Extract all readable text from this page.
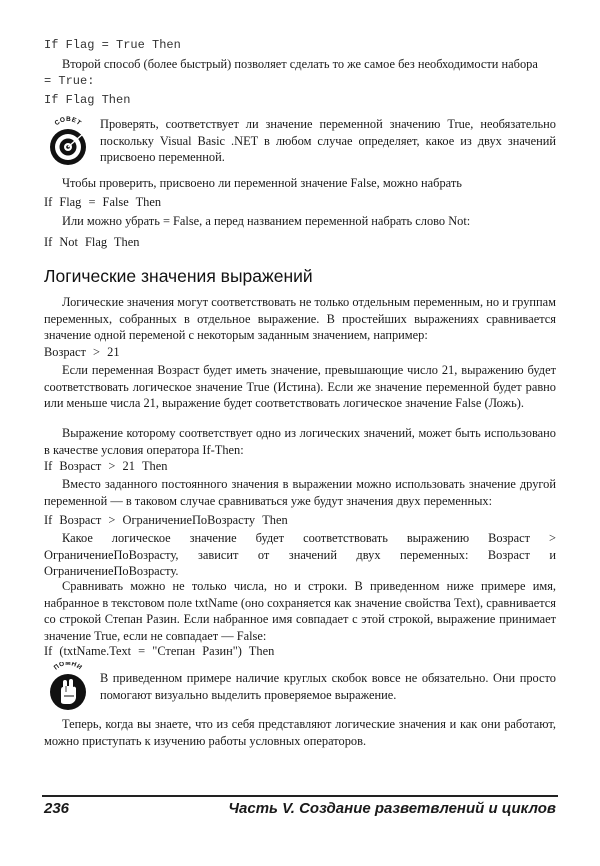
If Flag = True Then

Второй способ (более быстрый) позволяет сделать то же самое без необходимости набора

= True:
If Flag Then
СОВЕТ Проверять, соответствует ли значение переменной значению True, необязательно поскольку Visual Basic .NET в любом случае определяет, какое из двух значений присвоено переменной.

Чтобы проверить, присвоено ли переменной значение False, можно набрать

If Flag = False Then

Или можно убрать = False, а перед названием переменной набрать слово Not:

If Not Flag Then
Логические значения выражений

Логические значения могут соответствовать не только отдельным переменным, но и группам переменных, собранных в отдельное выражение. В простейших выражениях сравнивается значение одной переменой с некоторым заданным значением, например:

Возраст > 21

Если переменная Возраст будет иметь значение, превышающие число 21, выражению будет соответствовать логическое значение True (Истина). Если же значение переменной будет равно или меньше числа 21, выражение будет соответствовать логическое значение False (Ложь).

Выражение которому соответствует одно из логических значений, может быть использовано в качестве условия оператора If-Then:

If Возраст > 21 Then

Вместо заданного постоянного значения в выражении можно использовать значение другой переменной — в таковом случае сравниваться уже будут значения двух переменных:

If Возраст > ОграничениеПоВозрасту Then

Какое логическое значение будет соответствовать выражению Возраст > ОграничениеПоВозрасту, зависит от значений двух переменных: Возраст и ОграничениеПоВозрасту.

Сравнивать можно не только числа, но и строки. В приведенном ниже примере имя, набранное в текстовом поле txtName (оно сохраняется как значение свойства Text), сравнивается со строкой Степан Разин. Если набранное имя совпадает с этой строкой, выражение принимает значение True, если не совпадает — False:

If (txtName.Text = "Степан Разин") Then
ПОМНИ

В приведенном примере наличие круглых скобок вовсе не обязательно. Они просто помогают визуально выделить проверяемое выражение.

Теперь, когда вы знаете, что из себя представляют логические значения и как они работают, можно приступать к изучению работы условных операторов.

236	Часть V. Создание разветвлений и циклов
